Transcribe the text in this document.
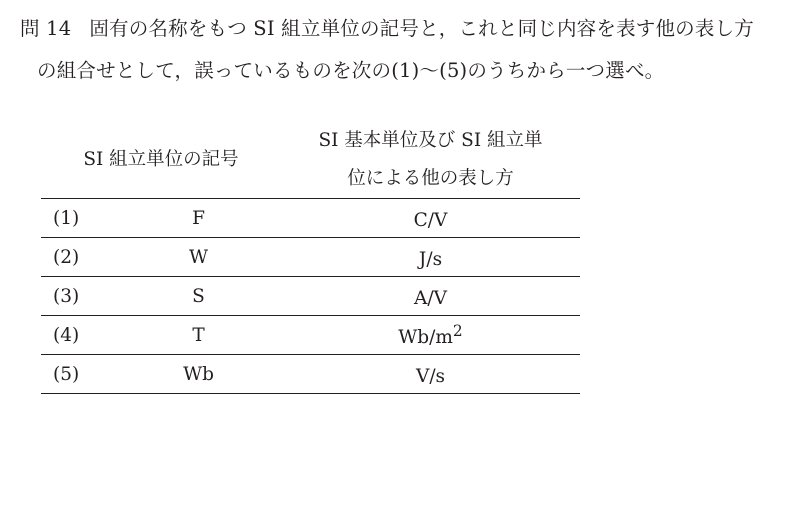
問 14 固有の名称をもつ SI 組立単位の記号と，これと同じ内容を表す他の表し方
の組合せとして，誤っているものを次の(1)～(5)のうちから一つ選べ。
SI 組立単位の記号		SI 基本単位及び SI 組立単
位による他の表し方

(1)	F	C/V
(2)	W	J/s
(3)	S	A/V
(4)	T	$Wb/m^2$
(5)	Wb	V/s
